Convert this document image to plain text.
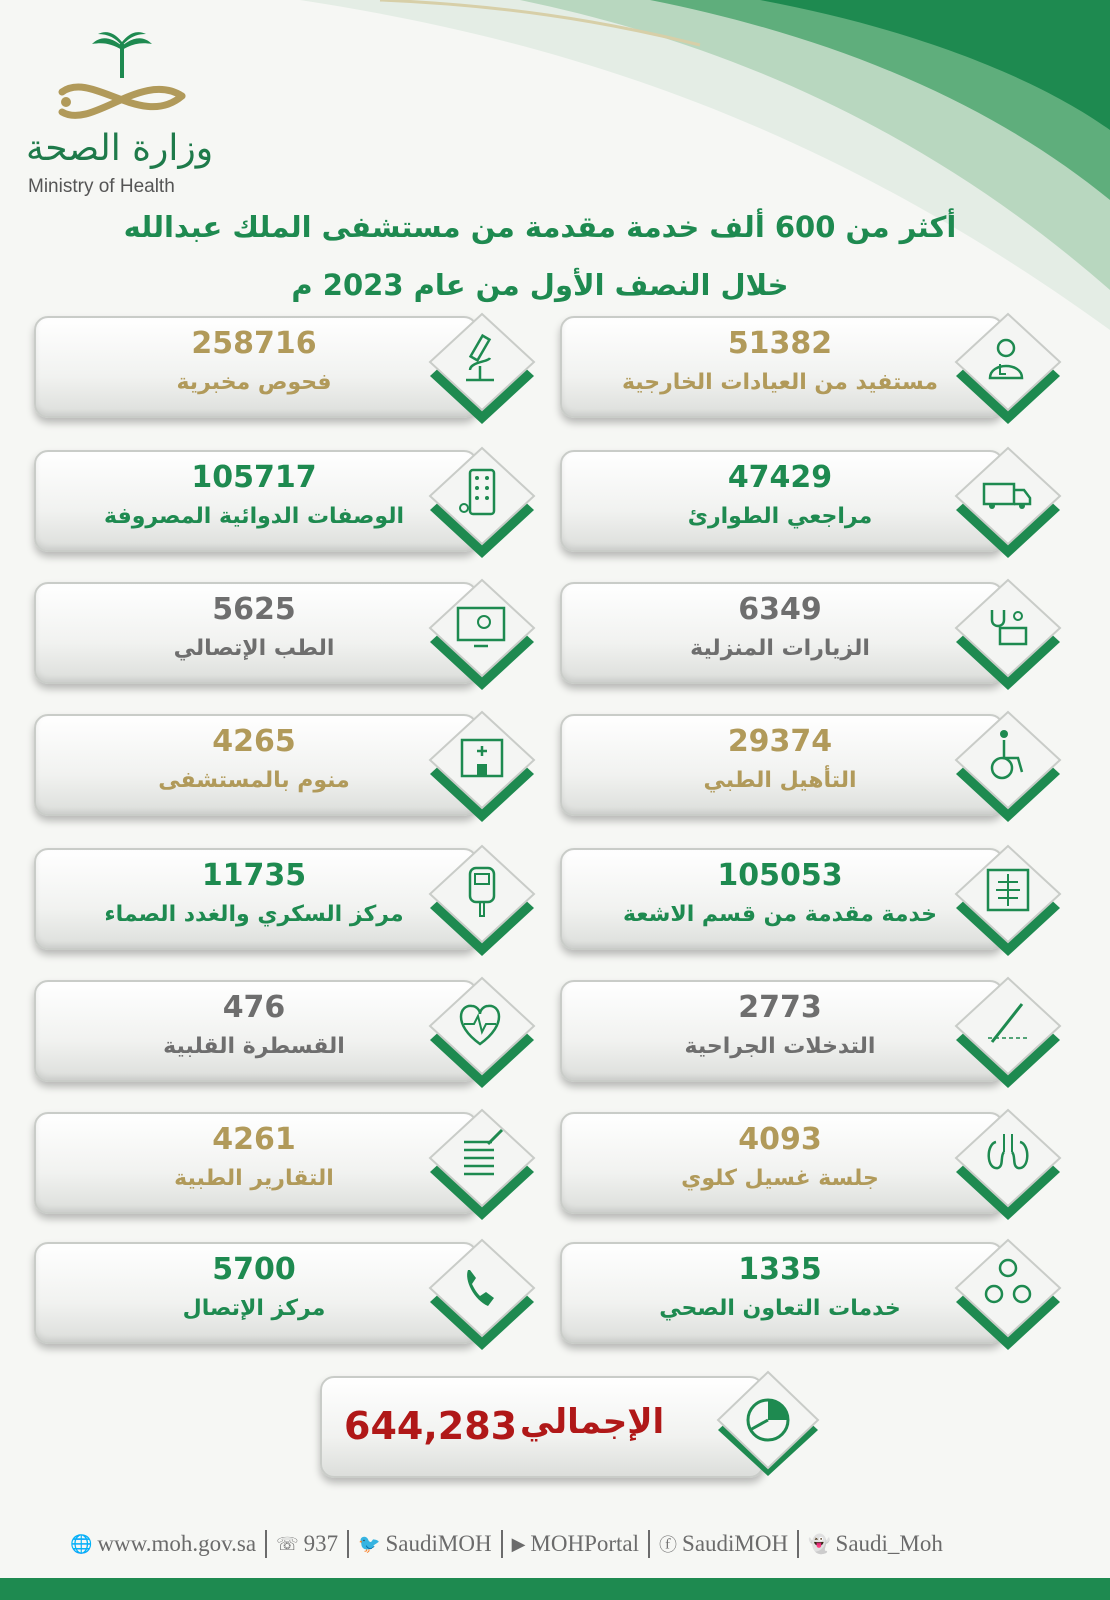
وزارة الصحة
Ministry of Health
أكثر من 600 ألف خدمة مقدمة من مستشفى الملك عبدالله
خلال النصف الأول من عام 2023 م
51382
مستفيد من العيادات الخارجية
258716
فحوص مخبرية
47429
مراجعي الطوارئ
105717
الوصفات الدوائية المصروفة
6349
الزيارات المنزلية
5625
الطب الإتصالي
29374
التأهيل الطبي
4265
منوم بالمستشفى
105053
خدمة مقدمة من قسم الاشعة
11735
مركز السكري والغدد الصماء
2773
التدخلات الجراحية
476
القسطرة القلبية
4093
جلسة غسيل كلوي
4261
التقارير الطبية
1335
خدمات التعاون الصحي
5700
مركز الإتصال
644,283 الإجمالي
🌐 www.moh.gov.sa ☏ 937 🐦 SaudiMOH ▶ MOHPortal ⓕ SaudiMOH 👻 Saudi_Moh
